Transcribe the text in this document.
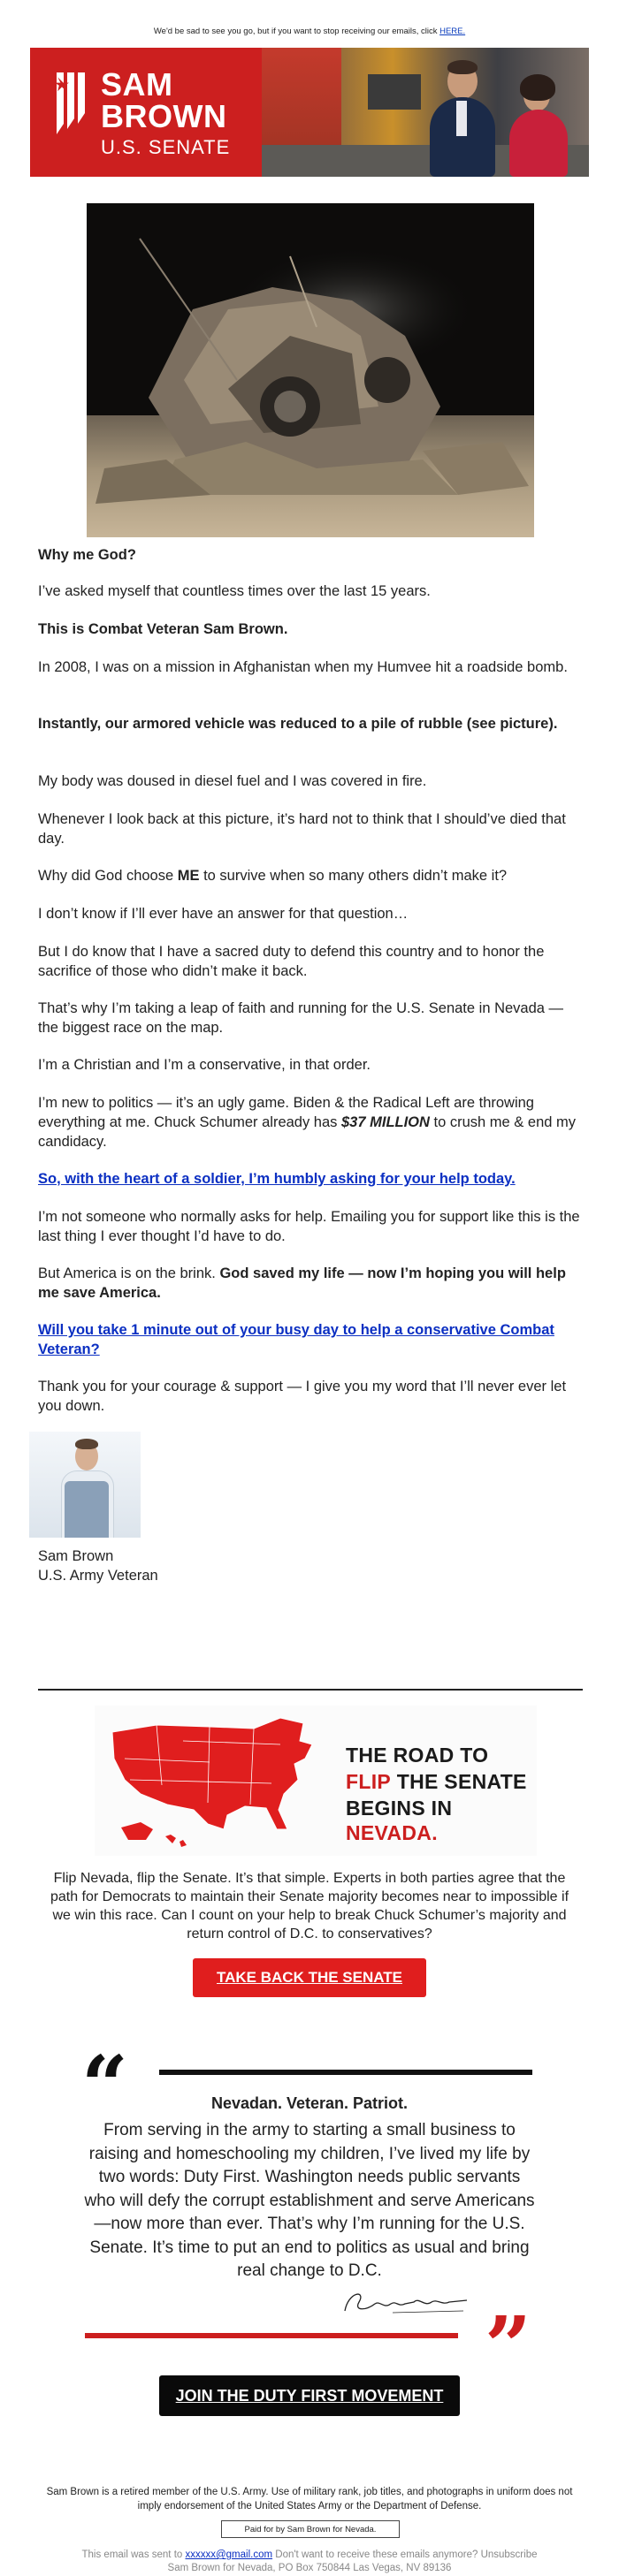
We'd be sad to see you go, but if you want to stop receiving our emails, click HERE.
SAM
BROWN
U.S. SENATE

Why me God?

I’ve asked myself that countless times over the last 15 years.

This is Combat Veteran Sam Brown.

In 2008, I was on a mission in Afghanistan when my Humvee hit a roadside bomb.

Instantly, our armored vehicle was reduced to a pile of rubble (see picture).

My body was doused in diesel fuel and I was covered in fire.

Whenever I look back at this picture, it’s hard not to think that I should’ve died that day.

Why did God choose ME to survive when so many others didn’t make it?

I don’t know if I’ll ever have an answer for that question…

But I do know that I have a sacred duty to defend this country and to honor the sacrifice of those who didn’t make it back.

That’s why I’m taking a leap of faith and running for the U.S. Senate in Nevada — the biggest race on the map.

I’m a Christian and I’m a conservative, in that order.

I’m new to politics — it’s an ugly game. Biden & the Radical Left are throwing everything at me. Chuck Schumer already has $37 MILLION to crush me & end my candidacy.

So, with the heart of a soldier, I’m humbly asking for your help today.

I’m not someone who normally asks for help. Emailing you for support like this is the last thing I ever thought I’d have to do.

But America is on the brink. God saved my life — now I’m hoping you will help me save America.

Will you take 1 minute out of your busy day to help a conservative Combat Veteran?

Thank you for your courage & support — I give you my word that I’ll never ever let you down.

Sam Brown

U.S. Army Veteran

THE ROAD TO
FLIP THE SENATE
BEGINS IN NEVADA.

Flip Nevada, flip the Senate. It’s that simple. Experts in both parties agree that the path for Democrats to maintain their Senate majority becomes near to impossible if we win this race. Can I count on your help to break Chuck Schumer’s majority and return control of D.C. to conservatives?

TAKE BACK THE SENATE
“	Nevadan. Veteran. Patriot.

From serving in the army to starting a small business to raising and homeschooling my children, I’ve lived my life by two words: Duty First. Washington needs public servants who will defy the corrupt establishment and serve Americans—now more than ever. That’s why I’m running for the U.S. Senate. It’s time to put an end to politics as usual and bring real change to D.C.

”
JOIN THE DUTY FIRST MOVEMENT

Sam Brown is a retired member of the U.S. Army. Use of military rank, job titles, and photographs in uniform does not imply endorsement of the United States Army or the Department of Defense.

Paid for by Sam Brown for Nevada.

This email was sent to xxxxxx@gmail.com Don't want to receive these emails anymore? Unsubscribe
Sam Brown for Nevada, PO Box 750844 Las Vegas, NV 89136
